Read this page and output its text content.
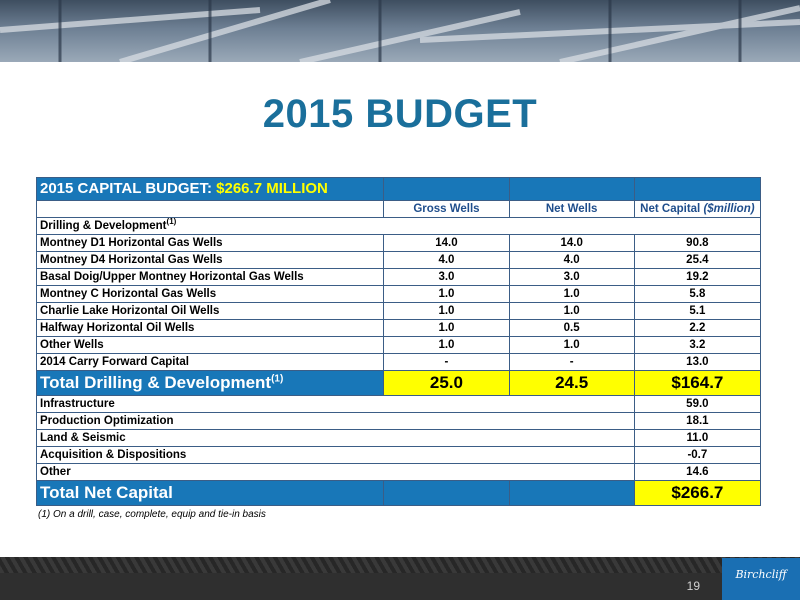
2015 BUDGET
2015 CAPITAL BUDGET: $266.7 MILLION			
	Gross Wells	Net Wells	Net Capital ($million)
Drilling & Development$^{(1)}$
Montney D1 Horizontal Gas Wells	14.0	14.0	90.8
Montney D4 Horizontal Gas Wells	4.0	4.0	25.4
Basal Doig/Upper Montney Horizontal Gas Wells	3.0	3.0	19.2
Montney C Horizontal Gas Wells	1.0	1.0	5.8
Charlie Lake Horizontal Oil Wells	1.0	1.0	5.1
Halfway Horizontal Oil Wells	1.0	0.5	2.2
Other Wells	1.0	1.0	3.2
2014 Carry Forward Capital	-	-	13.0
Total Drilling & Development$^{(1)}$	25.0	24.5	$164.7
Infrastructure			59.0
Production Optimization			18.1
Land & Seismic			11.0
Acquisition & Dispositions			-0.7
Other			14.6
Total Net Capital			$266.7
(1) On a drill, case, complete, equip and tie-in basis
19
Birchcliff
